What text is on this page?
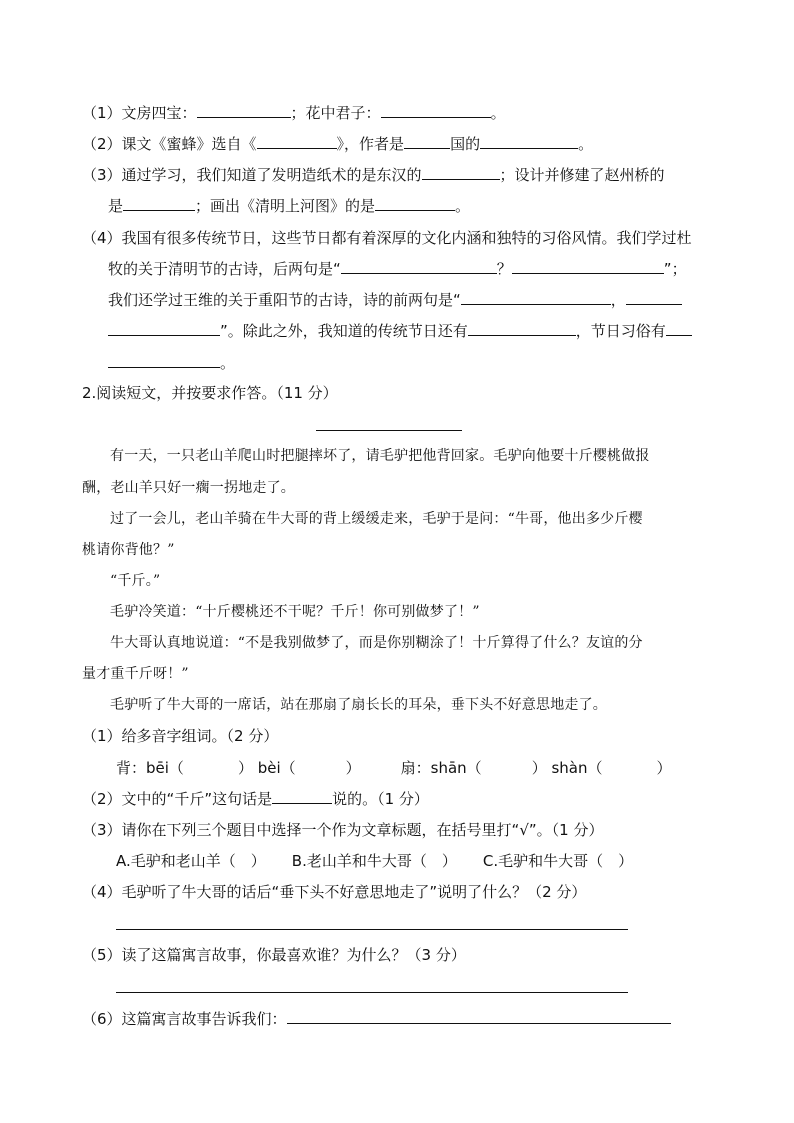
（1）文房四宝：	；花中君子：	。
（2）课文《蜜蜂》选自《	》，作者是	国的	。
（3）通过学习，我们知道了发明造纸术的是东汉的	；设计并修建了赵州桥的
是	；画出《清明上河图》的是	。
（4）我国有很多传统节日，这些节日都有着深厚的文化内涵和独特的习俗风情。我们学过杜
牧的关于清明节的古诗，后两句是“	？	”；
我们还学过王维的关于重阳节的古诗，诗的前两句是“	，
”。除此之外，我知道的传统节日还有	，节日习俗有
。
2.阅读短文，并按要求作答。（11 分）
有一天，一只老山羊爬山时把腿摔坏了，请毛驴把他背回家。毛驴向他要十斤樱桃做报
酬，老山羊只好一瘸一拐地走了。
过了一会儿，老山羊骑在牛大哥的背上缓缓走来，毛驴于是问：“牛哥，他出多少斤樱
桃请你背他？”
“千斤。”
毛驴冷笑道：“十斤樱桃还不干呢？千斤！你可别做梦了！”
牛大哥认真地说道：“不是我别做梦了，而是你别糊涂了！十斤算得了什么？友谊的分
量才重千斤呀！”
毛驴听了牛大哥的一席话，站在那扇了扇长长的耳朵，垂下头不好意思地走了。
（1）给多音字组词。（2 分）
背：bēi（	） bèi（	）	扇：shān（	） shàn（	）
（2）文中的“千斤”这句话是	说的。（1 分）
（3）请你在下列三个题目中选择一个作为文章标题，在括号里打“√”。（1 分）
A.毛驴和老山羊（　） B.老山羊和牛大哥（　） C.毛驴和牛大哥（　）
（4）毛驴听了牛大哥的话后“垂下头不好意思地走了”说明了什么？（2 分）
（5）读了这篇寓言故事，你最喜欢谁？为什么？（3 分）
（6）这篇寓言故事告诉我们：
